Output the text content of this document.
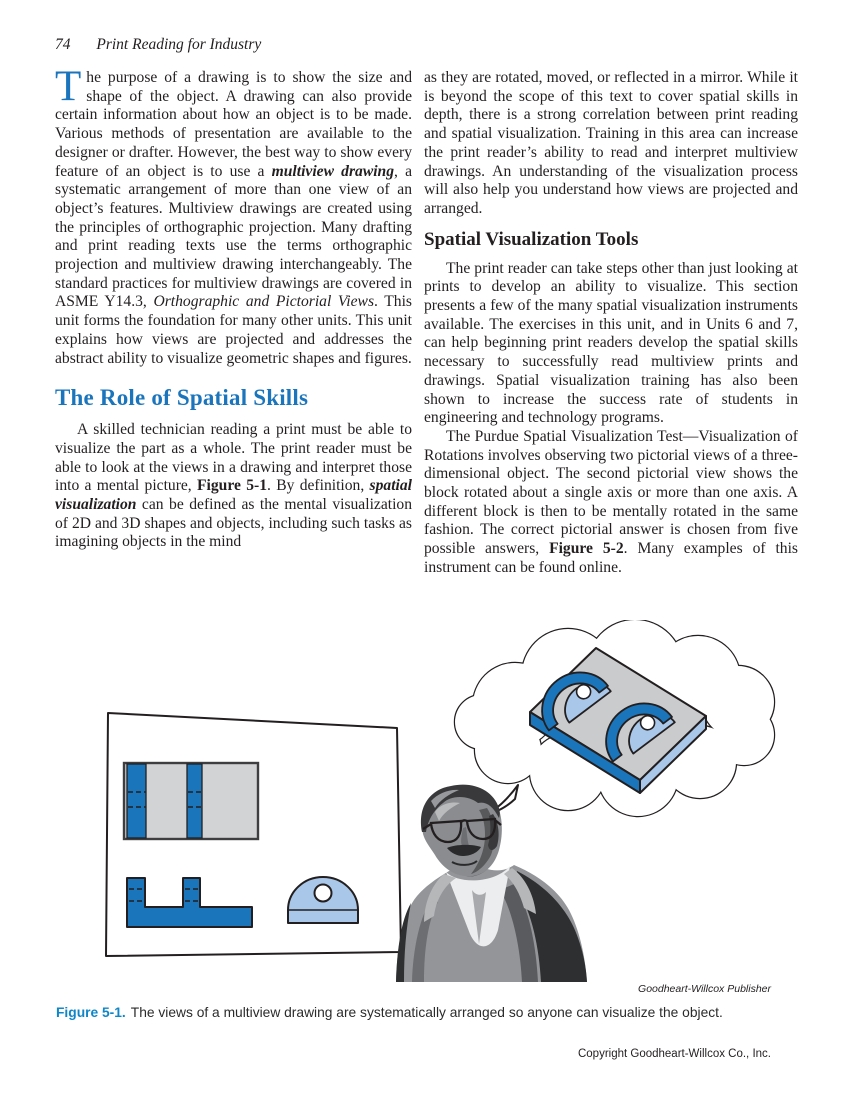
74 Print Reading for Industry

The purpose of a drawing is to show the size and shape of the object. A drawing can also provide certain information about how an object is to be made. Various methods of presentation are available to the designer or drafter. However, the best way to show every feature of an object is to use a multiview drawing, a systematic arrangement of more than one view of an object’s features. Multiview drawings are created using the principles of orthographic projection. Many drafting and print reading texts use the terms orthographic projection and multiview drawing interchangeably. The standard practices for multiview drawings are covered in ASME Y14.3, Orthographic and Pictorial Views. This unit forms the foundation for many other units. This unit explains how views are projected and addresses the abstract ability to visualize geometric shapes and figures.

The Role of Spatial Skills

A skilled technician reading a print must be able to visualize the part as a whole. The print reader must be able to look at the views in a drawing and interpret those into a mental picture, Figure 5-1. By definition, spatial visualization can be defined as the mental visualization of 2D and 3D shapes and objects, including such tasks as imagining objects in the mind

as they are rotated, moved, or reflected in a mirror. While it is beyond the scope of this text to cover spatial skills in depth, there is a strong correlation between print reading and spatial visualization. Training in this area can increase the print reader’s ability to read and interpret multiview drawings. An understanding of the visualization process will also help you understand how views are projected and arranged.

Spatial Visualization Tools

The print reader can take steps other than just looking at prints to develop an ability to visualize. This section presents a few of the many spatial visualization instruments available. The exercises in this unit, and in Units 6 and 7, can help beginning print readers develop the spatial skills necessary to successfully read multiview prints and drawings. Spatial visualization training has also been shown to increase the success rate of students in engineering and technology programs.

The Purdue Spatial Visualization Test—Visualization of Rotations involves observing two pictorial views of a three-dimensional object. The second pictorial view shows the block rotated about a single axis or more than one axis. A different block is then to be mentally rotated in the same fashion. The correct pictorial answer is chosen from five possible answers, Figure 5-2. Many examples of this instrument can be found online.

Goodheart-Willcox Publisher
Figure 5-1. The views of a multiview drawing are systematically arranged so anyone can visualize the object.
Copyright Goodheart-Willcox Co., Inc.
